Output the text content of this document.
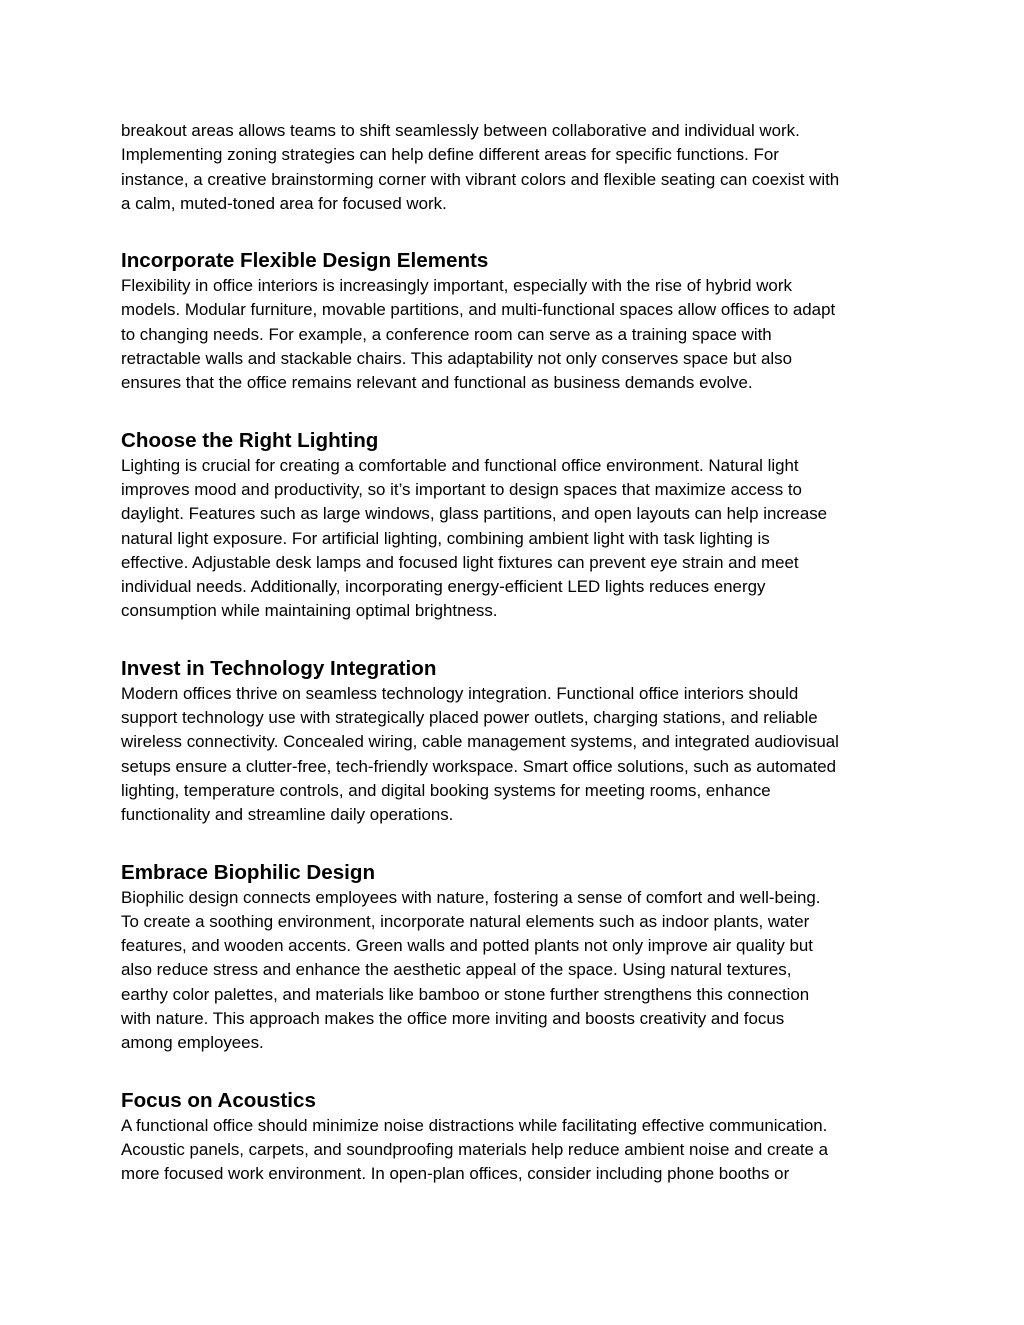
breakout areas allows teams to shift seamlessly between collaborative and individual work.
Implementing zoning strategies can help define different areas for specific functions. For
instance, a creative brainstorming corner with vibrant colors and flexible seating can coexist with
a calm, muted-toned area for focused work.

Incorporate Flexible Design Elements

Flexibility in office interiors is increasingly important, especially with the rise of hybrid work
models. Modular furniture, movable partitions, and multi-functional spaces allow offices to adapt
to changing needs. For example, a conference room can serve as a training space with
retractable walls and stackable chairs. This adaptability not only conserves space but also
ensures that the office remains relevant and functional as business demands evolve.

Choose the Right Lighting

Lighting is crucial for creating a comfortable and functional office environment. Natural light
improves mood and productivity, so it’s important to design spaces that maximize access to
daylight. Features such as large windows, glass partitions, and open layouts can help increase
natural light exposure. For artificial lighting, combining ambient light with task lighting is
effective. Adjustable desk lamps and focused light fixtures can prevent eye strain and meet
individual needs. Additionally, incorporating energy-efficient LED lights reduces energy
consumption while maintaining optimal brightness.

Invest in Technology Integration

Modern offices thrive on seamless technology integration. Functional office interiors should
support technology use with strategically placed power outlets, charging stations, and reliable
wireless connectivity. Concealed wiring, cable management systems, and integrated audiovisual
setups ensure a clutter-free, tech-friendly workspace. Smart office solutions, such as automated
lighting, temperature controls, and digital booking systems for meeting rooms, enhance
functionality and streamline daily operations.

Embrace Biophilic Design

Biophilic design connects employees with nature, fostering a sense of comfort and well-being.
To create a soothing environment, incorporate natural elements such as indoor plants, water
features, and wooden accents. Green walls and potted plants not only improve air quality but
also reduce stress and enhance the aesthetic appeal of the space. Using natural textures,
earthy color palettes, and materials like bamboo or stone further strengthens this connection
with nature. This approach makes the office more inviting and boosts creativity and focus
among employees.

Focus on Acoustics

A functional office should minimize noise distractions while facilitating effective communication.
Acoustic panels, carpets, and soundproofing materials help reduce ambient noise and create a
more focused work environment. In open-plan offices, consider including phone booths or
